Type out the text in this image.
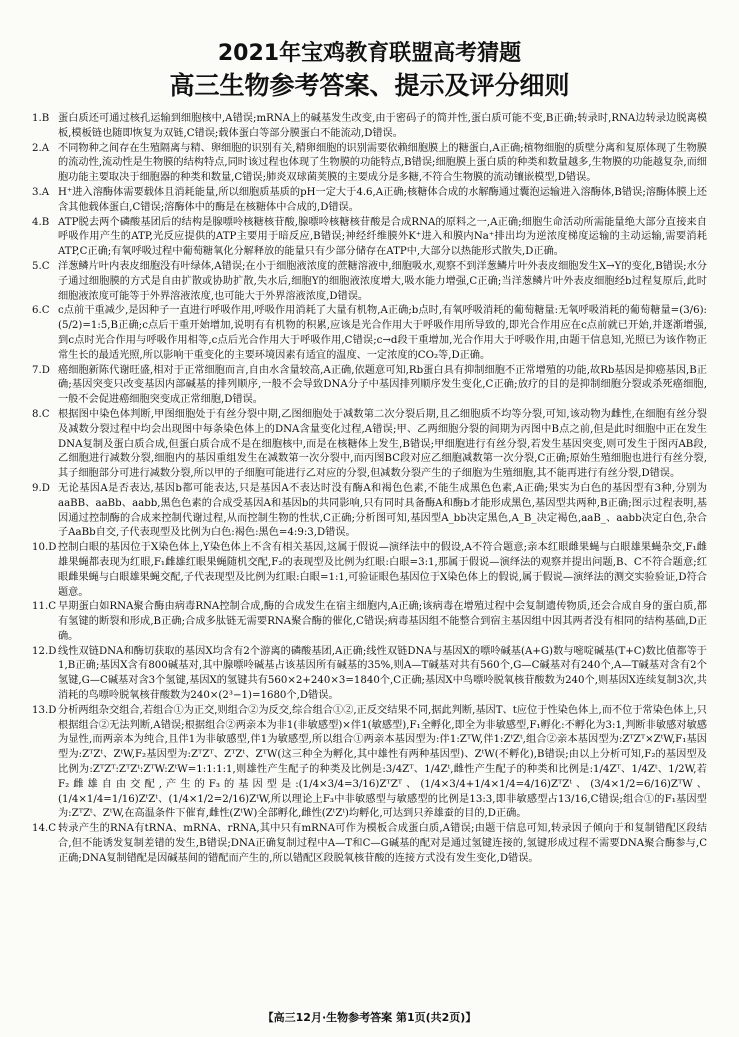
2021年宝鸡教育联盟高考猜题
高三生物参考答案、提示及评分细则
1.B 蛋白质还可通过核孔运输到细胞核中,A错误;mRNA上的碱基发生改变,由于密码子的简并性,蛋白质可能不变,B正确;转录时,RNA边转录边脱离模板,模板链也随即恢复为双链,C错误;载体蛋白等部分膜蛋白不能流动,D错误。
2.A 不同物种之间存在生殖隔离与精、卵细胞的识别有关,精卵细胞的识别需要依赖细胞膜上的糖蛋白,A正确;植物细胞的质壁分离和复原体现了生物膜的流动性,流动性是生物膜的结构特点,同时该过程也体现了生物膜的功能特点,B错误;细胞膜上蛋白质的种类和数量越多,生物膜的功能越复杂,而细胞功能主要取决于细胞器的种类和数量,C错误;肺炎双球菌荚膜的主要成分是多糖,不符合生物膜的流动镶嵌模型,D错误。
3.A H⁺进入溶酶体需要载体且消耗能量,所以细胞质基质的pH一定大于4.6,A正确;核糖体合成的水解酶通过囊泡运输进入溶酶体,B错误;溶酶体膜上还含其他载体蛋白,C错误;溶酶体中的酶是在核糖体中合成的,D错误。
4.B ATP脱去两个磷酸基团后的结构是腺嘌呤核糖核苷酸,腺嘌呤核糖核苷酸是合成RNA的原料之一,A正确;细胞生命活动所需能量绝大部分直接来自呼吸作用产生的ATP,光反应提供的ATP主要用于暗反应,B错误;神经纤维膜外K⁺进入和膜内Na⁺排出均为逆浓度梯度运输的主动运输,需要消耗ATP,C正确;有氧呼吸过程中葡萄糖氧化分解释放的能量只有少部分储存在ATP中,大部分以热能形式散失,D正确。
5.C 洋葱鳞片叶内表皮细胞没有叶绿体,A错误;在小于细胞液浓度的蔗糖溶液中,细胞吸水,观察不到洋葱鳞片叶外表皮细胞发生X→Y的变化,B错误;水分子通过细胞膜的方式是自由扩散或协助扩散,失水后,细胞Y的细胞液浓度增大,吸水能力增强,C正确;当洋葱鳞片叶外表皮细胞经b过程复原后,此时细胞液浓度可能等于外界溶液浓度,也可能大于外界溶液浓度,D错误。
6.C c点前干重减少,是因种子一直进行呼吸作用,呼吸作用消耗了大量有机物,A正确;b点时,有氧呼吸消耗的葡萄糖量:无氧呼吸消耗的葡萄糖量=(3/6):(5/2)=1:5,B正确;c点后干重开始增加,说明有有机物的积累,应该是光合作用大于呼吸作用所导致的,即光合作用应在c点前就已开始,并逐渐增强,到c点时光合作用与呼吸作用相等,c点后光合作用大于呼吸作用,C错误;c→d段干重增加,光合作用大于呼吸作用,由题干信息知,光照已为该作物正常生长的最适光照,所以影响干重变化的主要环境因素有适宜的温度、一定浓度的CO₂等,D正确。
7.D 癌细胞新陈代谢旺盛,相对于正常细胞而言,自由水含量较高,A正确,依题意可知,Rb蛋白具有抑制细胞不正常增殖的功能,故Rb基因是抑癌基因,B正确;基因突变只改变基因内部碱基的排列顺序,一般不会导致DNA分子中基因排列顺序发生变化,C正确;放疗的目的是抑制细胞分裂或杀死癌细胞,一般不会促进癌细胞突变成正常细胞,D错误。
8.C 根据图中染色体判断,甲图细胞处于有丝分裂中期,乙图细胞处于减数第二次分裂后期,且乙细胞质不均等分裂,可知,该动物为雌性,在细胞有丝分裂及减数分裂过程中均会出现图中每条染色体上的DNA含量变化过程,A错误;甲、乙两细胞分裂的间期为丙图中B点之前,但是此时细胞中正在发生DNA复制及蛋白质合成,但蛋白质合成不是在细胞核中,而是在核糖体上发生,B错误;甲细胞进行有丝分裂,若发生基因突变,则可发生于图丙AB段,乙细胞进行减数分裂,细胞内的基因重组发生在减数第一次分裂中,而丙图BC段对应乙细胞减数第一次分裂,C正确;原始生殖细胞也进行有丝分裂,其子细胞部分可进行减数分裂,所以甲的子细胞可能进行乙对应的分裂,但减数分裂产生的子细胞为生殖细胞,其不能再进行有丝分裂,D错误。
9.D 无论基因A是否表达,基因b都可能表达,只是基因A不表达时没有酶A和褐色色素,不能生成黑色色素,A正确;果实为白色的基因型有3种,分别为aaBB、aaBb、aabb,黑色色素的合成受基因A和基因b的共同影响,只有同时具备酶A和酶b才能形成黑色,基因型共两种,B正确;图示过程表明,基因通过控制酶的合成来控制代谢过程,从而控制生物的性状,C正确;分析图可知,基因型A_bb决定黑色,A_B_决定褐色,aaB_、aabb决定白色,杂合子AaBb自交,子代表现型及比例为白色:褐色:黑色=4:9:3,D错误。
10.D 控制白眼的基因位于X染色体上,Y染色体上不含有相关基因,这属于假说—演绎法中的假设,A不符合题意;亲本红眼雌果蝇与白眼雄果蝇杂交,F₁雌雄果蝇都表现为红眼,F₁雌雄红眼果蝇随机交配,F₂的表现型及比例为红眼:白眼=3:1,那属于假说—演绎法的观察并提出问题,B、C不符合题意;红眼雌果蝇与白眼雄果蝇交配,子代表现型及比例为红眼:白眼=1:1,可验证眼色基因位于X染色体上的假说,属于假说—演绎法的测交实验验证,D符合题意。
11.C 早期蛋白如RNA聚合酶由病毒RNA控制合成,酶的合成发生在宿主细胞内,A正确;该病毒在增殖过程中会复制遗传物质,还会合成自身的蛋白质,都有氢键的断裂和形成,B正确;合成多肽链无需要RNA聚合酶的催化,C错误;病毒基因组不能整合到宿主基因组中因其两者没有相同的结构基础,D正确。
12.D 线性双链DNA和酶切获取的基因X均含有2个游离的磷酸基团,A正确;线性双链DNA与基因X的嘌呤碱基(A+G)数与嘧啶碱基(T+C)数比值都等于1,B正确;基因X含有800碱基对,其中腺嘌呤碱基占该基因所有碱基的35%,则A—T碱基对共有560个,G—C碱基对有240个,A—T碱基对含有2个氢键,G—C碱基对含3个氢键,基因X的氢键共有560×2+240×3=1840个,C正确;基因X中鸟嘌呤脱氧核苷酸数为240个,则基因X连续复制3次,共消耗的鸟嘌呤脱氧核苷酸数为240×(2³−1)=1680个,D错误。
13.D 分析两组杂交组合,若组合①为正交,则组合②为反交,综合组合①②,正反交结果不同,据此判断,基因T、t应位于性染色体上,而不位于常染色体上,只根据组合②无法判断,A错误;根据组合②两亲本为非1(非敏感型)×伴1(敏感型),F₁全孵化,即全为非敏感型,F₁孵化:不孵化为3:1,判断非敏感对敏感为显性,而两亲本为纯合,且伴1为非敏感型,伴1为敏感型,所以组合①两亲本基因型为:伴1:ZᵀW,伴1:ZᵗZᵗ,组合②亲本基因型为:ZᵀZᵀ×ZᵗW,F₁基因型为:ZᵀZᵗ、ZᵗW,F₂基因型为:ZᵀZᵀ、ZᵀZᵗ、ZᵀW(这三种全为孵化,其中雄性有两种基因型)、ZᵗW(不孵化),B错误;由以上分析可知,F₂的基因型及比例为:ZᵀZᵀ:ZᵀZᵗ:ZᵀW:ZᵗW=1:1:1:1,则雄性产生配子的种类及比例是:3/4Zᵀ、1/4Zᵗ,雌性产生配子的种类和比例是:1/4Zᵀ、1/4Zᵗ、1/2W,若F₂雌雄自由交配,产生的F₃的基因型是:(1/4×3/4=3/16)ZᵀZᵀ、(1/4×3/4+1/4×1/4=4/16)ZᵀZᵗ、(3/4×1/2=6/16)ZᵀW、(1/4×1/4=1/16)ZᵗZᵗ、(1/4×1/2=2/16)ZᵗW,所以理论上F₃中非敏感型与敏感型的比例是13:3,即非敏感型占13/16,C错误;组合①的F₁基因型为:ZᵀZᵗ、ZᵗW,在高温条件下催育,雌性(ZᵗW)全部孵化,雌性(ZᵗZᵗ)均孵化,可达到只养雄蚕的目的,D正确。
14.C 转录产生的RNA有tRNA、mRNA、rRNA,其中只有mRNA可作为模板合成蛋白质,A错误;由题干信息可知,转录因子倾向于和复制错配区段结合,但不能诱发复制差错的发生,B错误;DNA正确复制过程中A—T和C—G碱基的配对是通过氢键连接的,氢键形成过程不需要DNA聚合酶参与,C正确;DNA复制错配是因碱基间的错配而产生的,所以错配区段脱氧核苷酸的连接方式没有发生变化,D错误。
【高三12月·生物参考答案 第1页(共2页)】
